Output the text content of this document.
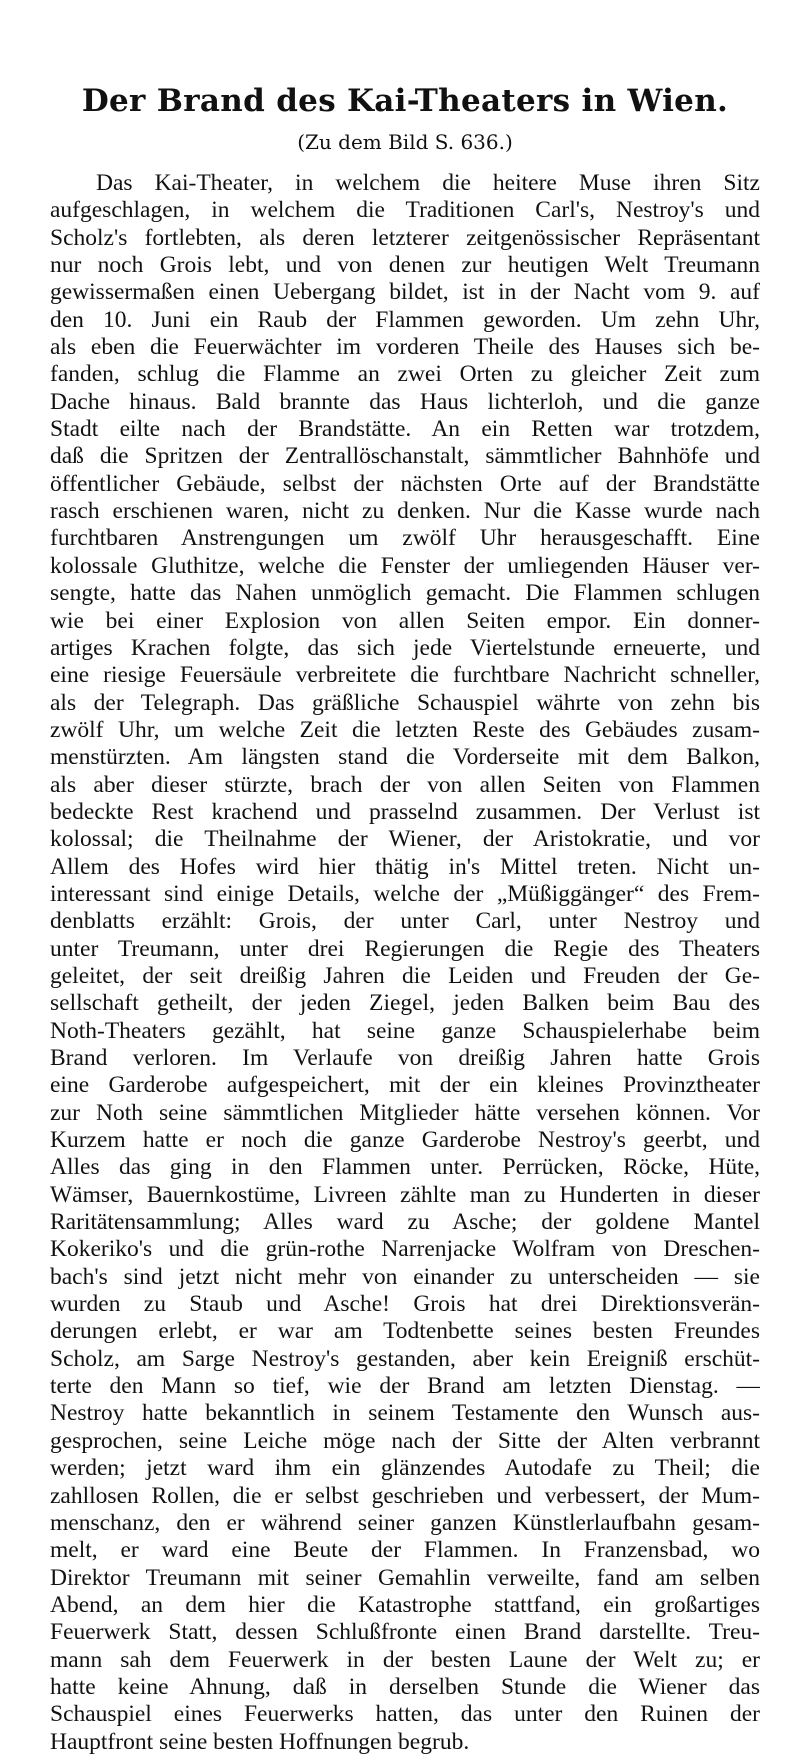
Der Brand des Kai-Theaters in Wien.
(Zu dem Bild S. 636.)
Das Kai-Theater, in welchem die heitere Muse ihren Sitz
aufgeschlagen, in welchem die Traditionen Carl's, Nestroy's und
Scholz's fortlebten, als deren letzterer zeitgenössischer Repräsentant
nur noch Grois lebt, und von denen zur heutigen Welt Treumann
gewissermaßen einen Uebergang bildet, ist in der Nacht vom 9. auf
den 10. Juni ein Raub der Flammen geworden. Um zehn Uhr,
als eben die Feuerwächter im vorderen Theile des Hauses sich be-
fanden, schlug die Flamme an zwei Orten zu gleicher Zeit zum
Dache hinaus. Bald brannte das Haus lichterloh, und die ganze
Stadt eilte nach der Brandstätte. An ein Retten war trotzdem,
daß die Spritzen der Zentrallöschanstalt, sämmtlicher Bahnhöfe und
öffentlicher Gebäude, selbst der nächsten Orte auf der Brandstätte
rasch erschienen waren, nicht zu denken. Nur die Kasse wurde nach
furchtbaren Anstrengungen um zwölf Uhr herausgeschafft. Eine
kolossale Gluthitze, welche die Fenster der umliegenden Häuser ver-
sengte, hatte das Nahen unmöglich gemacht. Die Flammen schlugen
wie bei einer Explosion von allen Seiten empor. Ein donner-
artiges Krachen folgte, das sich jede Viertelstunde erneuerte, und
eine riesige Feuersäule verbreitete die furchtbare Nachricht schneller,
als der Telegraph. Das gräßliche Schauspiel währte von zehn bis
zwölf Uhr, um welche Zeit die letzten Reste des Gebäudes zusam-
menstürzten. Am längsten stand die Vorderseite mit dem Balkon,
als aber dieser stürzte, brach der von allen Seiten von Flammen
bedeckte Rest krachend und prasselnd zusammen. Der Verlust ist
kolossal; die Theilnahme der Wiener, der Aristokratie, und vor
Allem des Hofes wird hier thätig in's Mittel treten. Nicht un-
interessant sind einige Details, welche der „Müßiggänger“ des Frem-
denblatts erzählt: Grois, der unter Carl, unter Nestroy und
unter Treumann, unter drei Regierungen die Regie des Theaters
geleitet, der seit dreißig Jahren die Leiden und Freuden der Ge-
sellschaft getheilt, der jeden Ziegel, jeden Balken beim Bau des
Noth-Theaters gezählt, hat seine ganze Schauspielerhabe beim
Brand verloren. Im Verlaufe von dreißig Jahren hatte Grois
eine Garderobe aufgespeichert, mit der ein kleines Provinztheater
zur Noth seine sämmtlichen Mitglieder hätte versehen können. Vor
Kurzem hatte er noch die ganze Garderobe Nestroy's geerbt, und
Alles das ging in den Flammen unter. Perrücken, Röcke, Hüte,
Wämser, Bauernkostüme, Livreen zählte man zu Hunderten in dieser
Raritätensammlung; Alles ward zu Asche; der goldene Mantel
Kokeriko's und die grün-rothe Narrenjacke Wolfram von Dreschen-
bach's sind jetzt nicht mehr von einander zu unterscheiden — sie
wurden zu Staub und Asche! Grois hat drei Direktionsverän-
derungen erlebt, er war am Todtenbette seines besten Freundes
Scholz, am Sarge Nestroy's gestanden, aber kein Ereigniß erschüt-
terte den Mann so tief, wie der Brand am letzten Dienstag. —
Nestroy hatte bekanntlich in seinem Testamente den Wunsch aus-
gesprochen, seine Leiche möge nach der Sitte der Alten verbrannt
werden; jetzt ward ihm ein glänzendes Autodafe zu Theil; die
zahllosen Rollen, die er selbst geschrieben und verbessert, der Mum-
menschanz, den er während seiner ganzen Künstlerlaufbahn gesam-
melt, er ward eine Beute der Flammen. In Franzensbad, wo
Direktor Treumann mit seiner Gemahlin verweilte, fand am selben
Abend, an dem hier die Katastrophe stattfand, ein großartiges
Feuerwerk Statt, dessen Schlußfronte einen Brand darstellte. Treu-
mann sah dem Feuerwerk in der besten Laune der Welt zu; er
hatte keine Ahnung, daß in derselben Stunde die Wiener das
Schauspiel eines Feuerwerks hatten, das unter den Ruinen der
Hauptfront seine besten Hoffnungen begrub.
